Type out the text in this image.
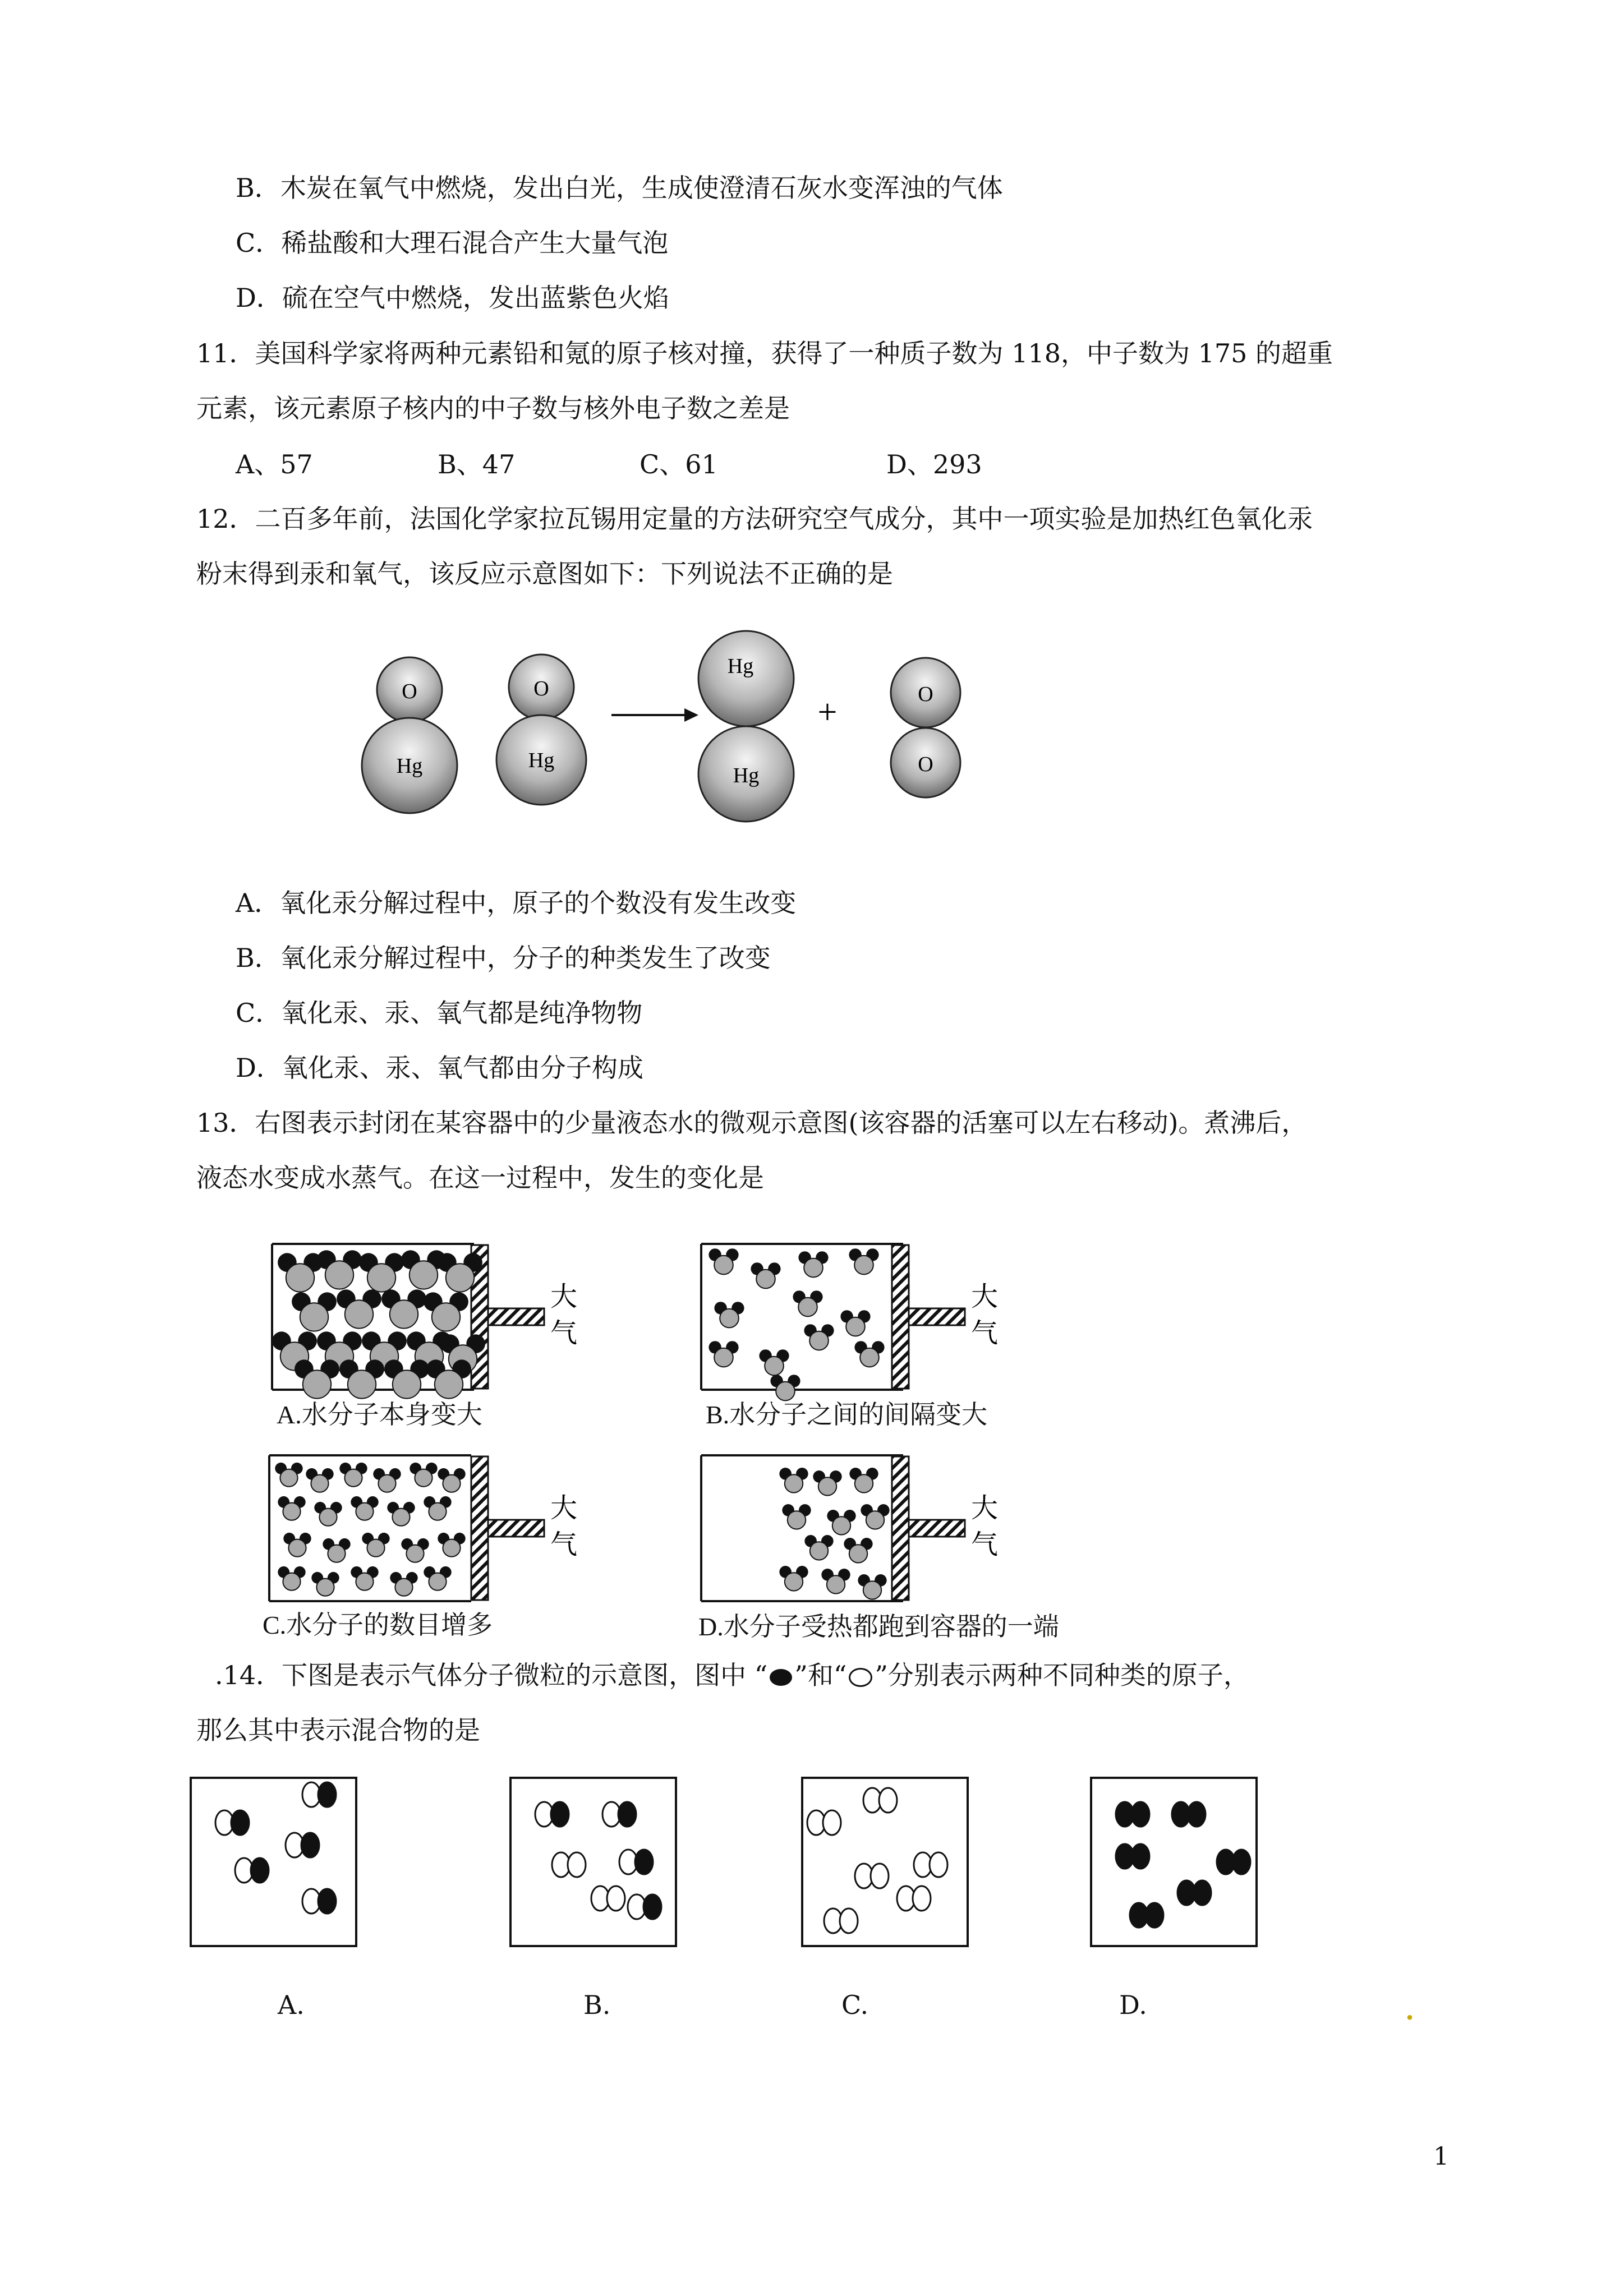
B．木炭在氧气中燃烧，发出白光，生成使澄清石灰水变浑浊的气体
C．稀盐酸和大理石混合产生大量气泡
D．硫在空气中燃烧，发出蓝紫色火焰
11．美国科学家将两种元素铅和氪的原子核对撞，获得了一种质子数为 118，中子数为 175 的超重
元素，该元素原子核内的中子数与核外电子数之差是
A、57	B、47	C、61	D、293
12．二百多年前，法国化学家拉瓦锡用定量的方法研究空气成分，其中一项实验是加热红色氧化汞
粉末得到汞和氧气，该反应示意图如下：下列说法不正确的是
O
Hg
O
Hg
Hg
Hg
+	O
O
A．氧化汞分解过程中，原子的个数没有发生改变
B．氧化汞分解过程中，分子的种类发生了改变
C．氧化汞、汞、氧气都是纯净物物
D．氧化汞、汞、氧气都由分子构成
13．右图表示封闭在某容器中的少量液态水的微观示意图(该容器的活塞可以左右移动)。煮沸后，
液态水变成水蒸气。在这一过程中，发生的变化是
大
气
大
气
大
气
大
气
A.水分子本身变大	B.水分子之间的间隔变大
C.水分子的数目增多	D.水分子受热都跑到容器的一端
.14．下图是表示气体分子微粒的示意图，图中 “ ”和“ ”分别表示两种不同种类的原子，
那么其中表示混合物的是
A.	B.	C.	D.	.
1
